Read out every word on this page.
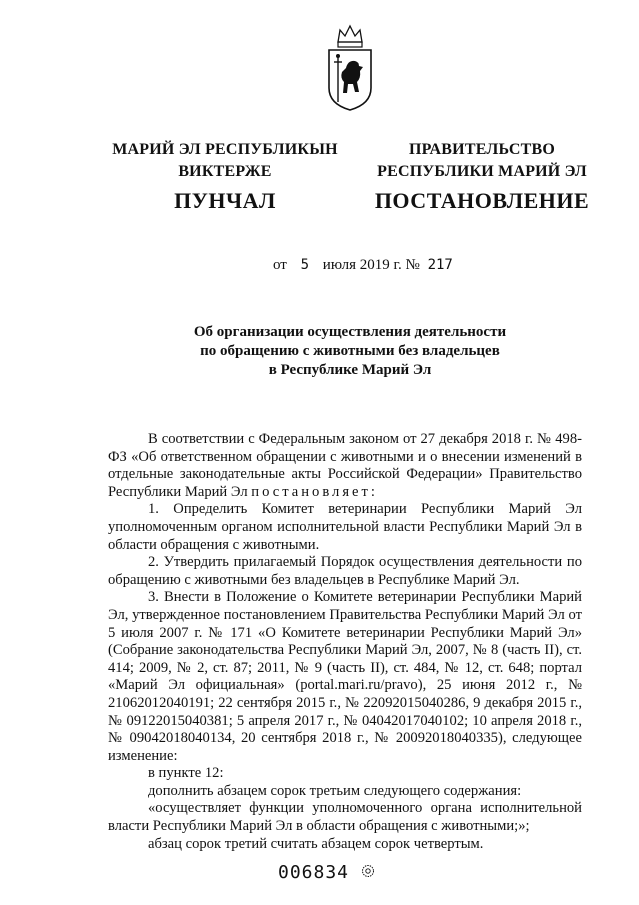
МАРИЙ ЭЛ РЕСПУБЛИКЫН
ВИКТЕРЖЕ
ПУНЧАЛ
ПРАВИТЕЛЬСТВО
РЕСПУБЛИКИ МАРИЙ ЭЛ
ПОСТАНОВЛЕНИЕ
от 5 июля 2019 г. № 217
Об организации осуществления деятельности
по обращению с животными без владельцев
в Республике Марий Эл

В соответствии с Федеральным законом от 27 декабря 2018 г. № 498-ФЗ «Об ответственном обращении с животными и о внесении изменений в отдельные законодательные акты Российской Федерации» Правительство Республики Марий Эл постановляет:

1. Определить Комитет ветеринарии Республики Марий Эл уполномоченным органом исполнительной власти Республики Марий Эл в области обращения с животными.

2. Утвердить прилагаемый Порядок осуществления деятельности по обращению с животными без владельцев в Республике Марий Эл.

3. Внести в Положение о Комитете ветеринарии Республики Марий Эл, утвержденное постановлением Правительства Республики Марий Эл от 5 июля 2007 г. № 171 «О Комитете ветеринарии Республики Марий Эл» (Собрание законодательства Республики Марий Эл, 2007, № 8 (часть II), ст. 414; 2009, № 2, ст. 87; 2011, № 9 (часть II), ст. 484, № 12, ст. 648; портал «Марий Эл официальная» (portal.mari.ru/pravo), 25 июня 2012 г., № 21062012040191; 22 сентября 2015 г., № 22092015040286, 9 декабря 2015 г., № 09122015040381; 5 апреля 2017 г., № 04042017040102; 10 апреля 2018 г., № 09042018040134, 20 сентября 2018 г., № 20092018040335), следующее изменение:

в пункте 12:

дополнить абзацем сорок третьим следующего содержания:

«осуществляет функции уполномоченного органа исполнительной власти Республики Марий Эл в области обращения с животными;»;

абзац сорок третий считать абзацем сорок четвертым.

006834
